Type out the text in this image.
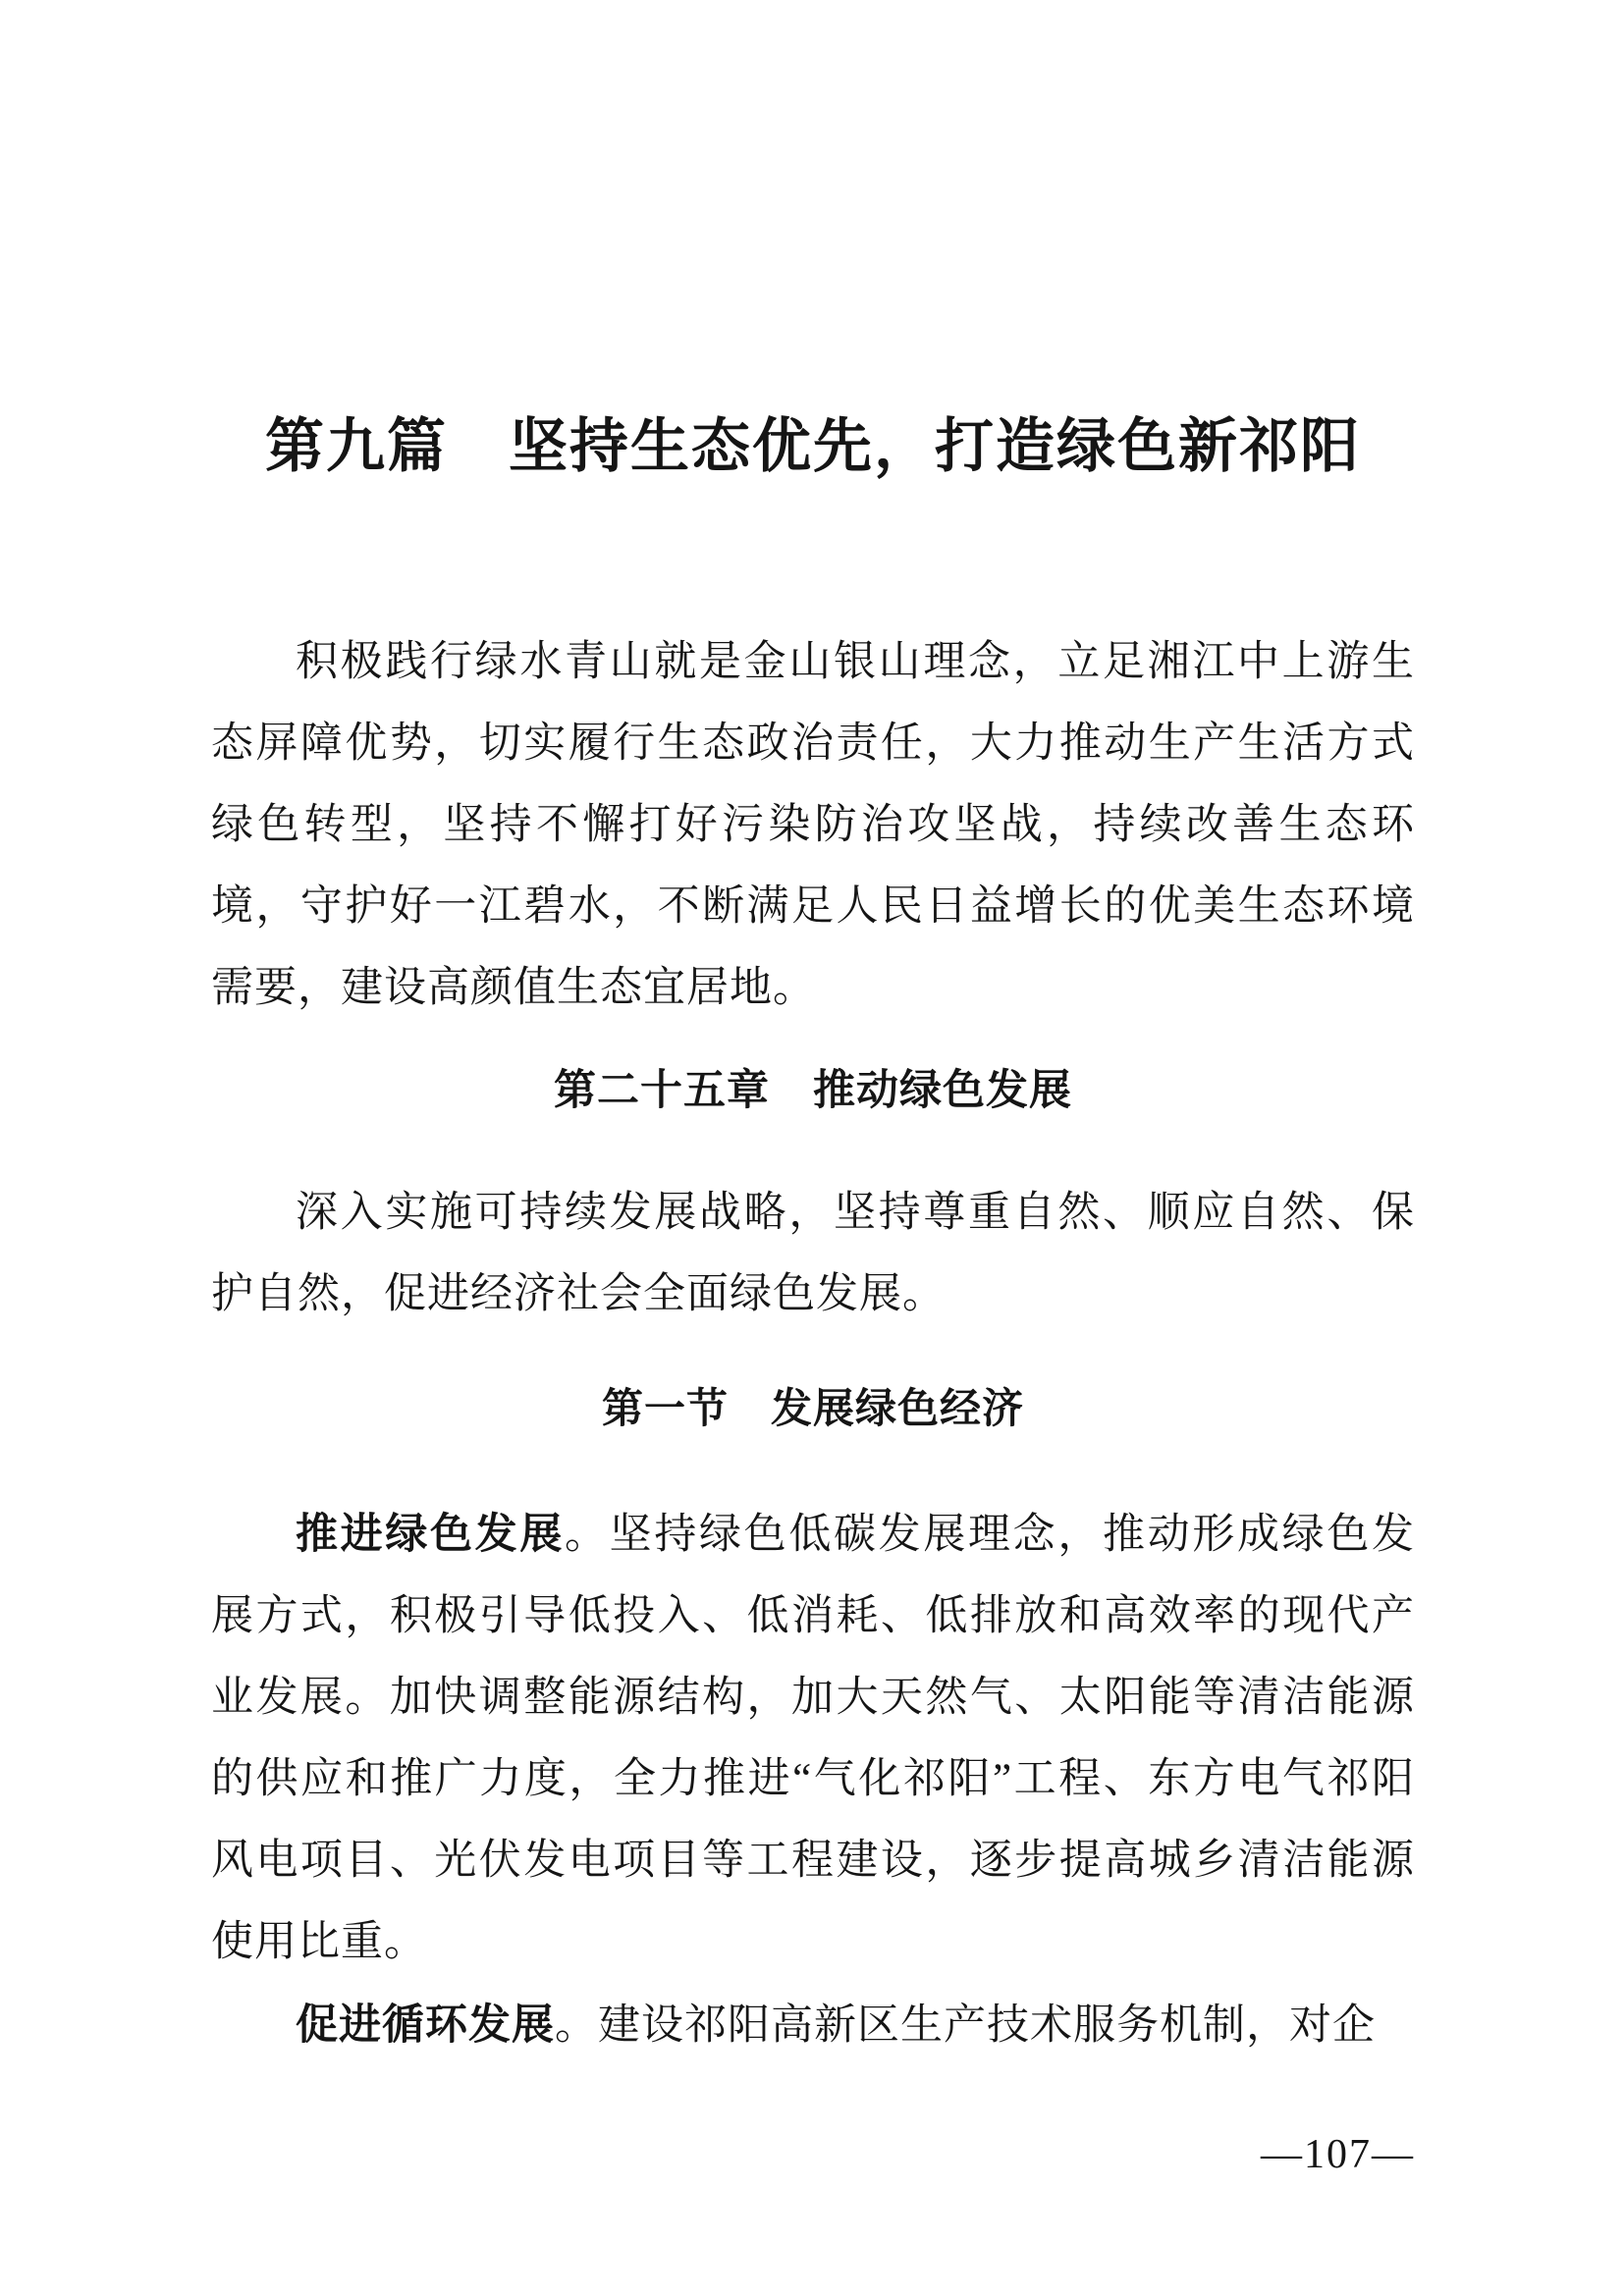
第九篇　坚持生态优先，打造绿色新祁阳

积极践行绿水青山就是金山银山理念，立足湘江中上游生态屏障优势，切实履行生态政治责任，大力推动生产生活方式绿色转型，坚持不懈打好污染防治攻坚战，持续改善生态环境，守护好一江碧水，不断满足人民日益增长的优美生态环境需要，建设高颜值生态宜居地。

第二十五章　推动绿色发展

深入实施可持续发展战略，坚持尊重自然、顺应自然、保护自然，促进经济社会全面绿色发展。

第一节　发展绿色经济

推进绿色发展。坚持绿色低碳发展理念，推动形成绿色发展方式，积极引导低投入、低消耗、低排放和高效率的现代产业发展。加快调整能源结构，加大天然气、太阳能等清洁能源的供应和推广力度，全力推进“气化祁阳”工程、东方电气祁阳风电项目、光伏发电项目等工程建设，逐步提高城乡清洁能源使用比重。

促进循环发展。建设祁阳高新区生产技术服务机制，对企

—107—
